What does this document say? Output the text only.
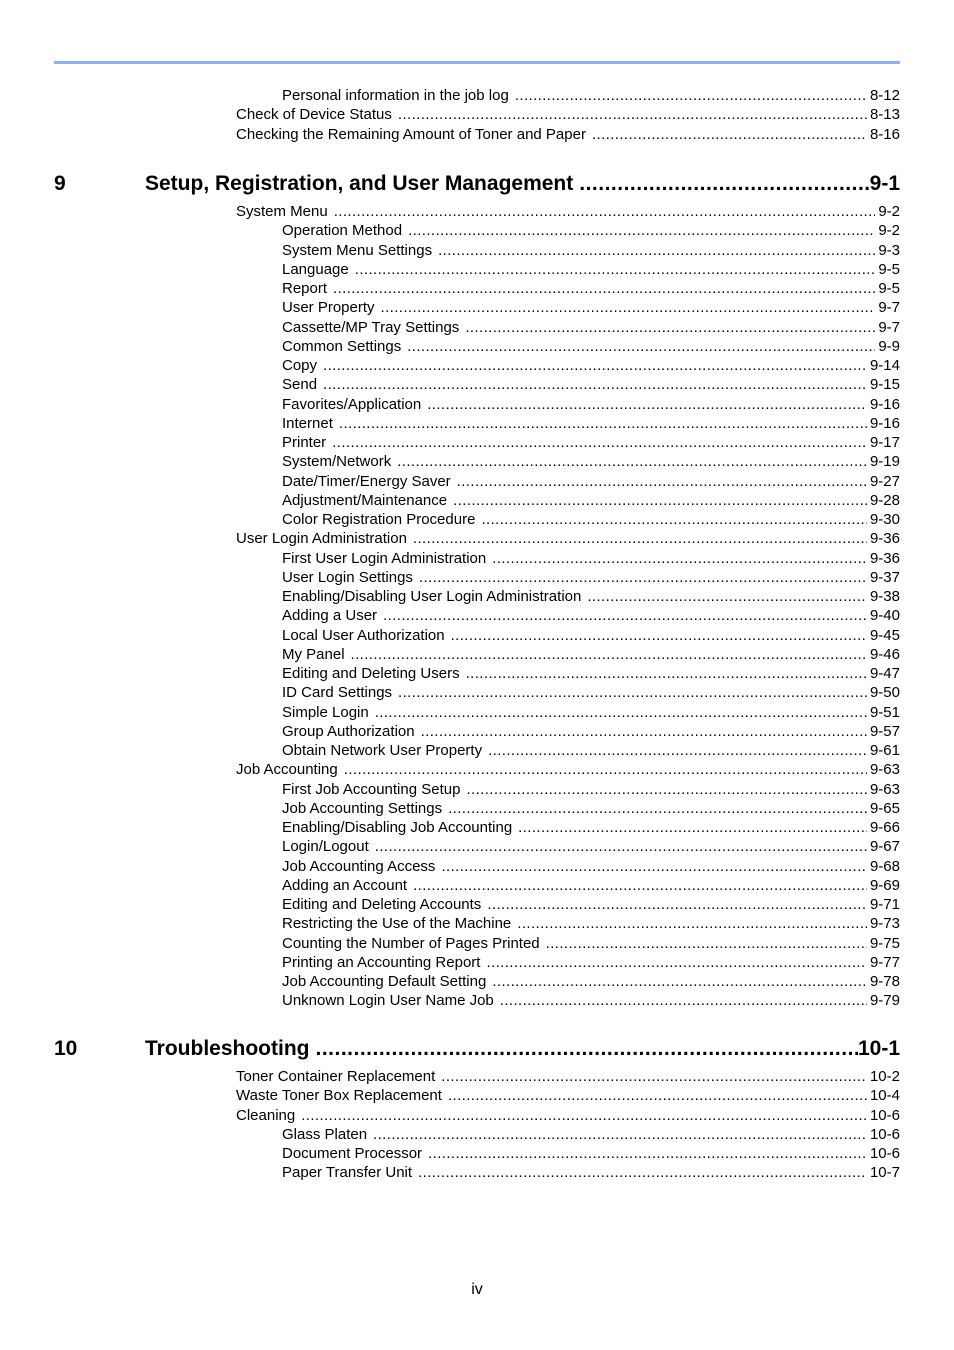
Personal information in the job log .....	8-12
Check of Device Status .....	8-13
Checking the Remaining Amount of Toner and Paper .....	8-16
9	Setup, Registration, and User Management .....	9-1
System Menu .....	9-2
Operation Method .....	9-2
System Menu Settings .....	9-3
Language .....	9-5
Report .....	9-5
User Property .....	9-7
Cassette/MP Tray Settings .....	9-7
Common Settings .....	9-9
Copy .....	9-14
Send .....	9-15
Favorites/Application .....	9-16
Internet .....	9-16
Printer .....	9-17
System/Network .....	9-19
Date/Timer/Energy Saver .....	9-27
Adjustment/Maintenance .....	9-28
Color Registration Procedure .....	9-30
User Login Administration .....	9-36
First User Login Administration .....	9-36
User Login Settings .....	9-37
Enabling/Disabling User Login Administration .....	9-38
Adding a User .....	9-40
Local User Authorization .....	9-45
My Panel .....	9-46
Editing and Deleting Users .....	9-47
ID Card Settings .....	9-50
Simple Login .....	9-51
Group Authorization .....	9-57
Obtain Network User Property .....	9-61
Job Accounting .....	9-63
First Job Accounting Setup .....	9-63
Job Accounting Settings .....	9-65
Enabling/Disabling Job Accounting .....	9-66
Login/Logout .....	9-67
Job Accounting Access .....	9-68
Adding an Account .....	9-69
Editing and Deleting Accounts .....	9-71
Restricting the Use of the Machine .....	9-73
Counting the Number of Pages Printed .....	9-75
Printing an Accounting Report .....	9-77
Job Accounting Default Setting .....	9-78
Unknown Login User Name Job .....	9-79
10	Troubleshooting .....	10-1
Toner Container Replacement .....	10-2
Waste Toner Box Replacement .....	10-4
Cleaning .....	10-6
Glass Platen .....	10-6
Document Processor .....	10-6
Paper Transfer Unit .....	10-7
iv
